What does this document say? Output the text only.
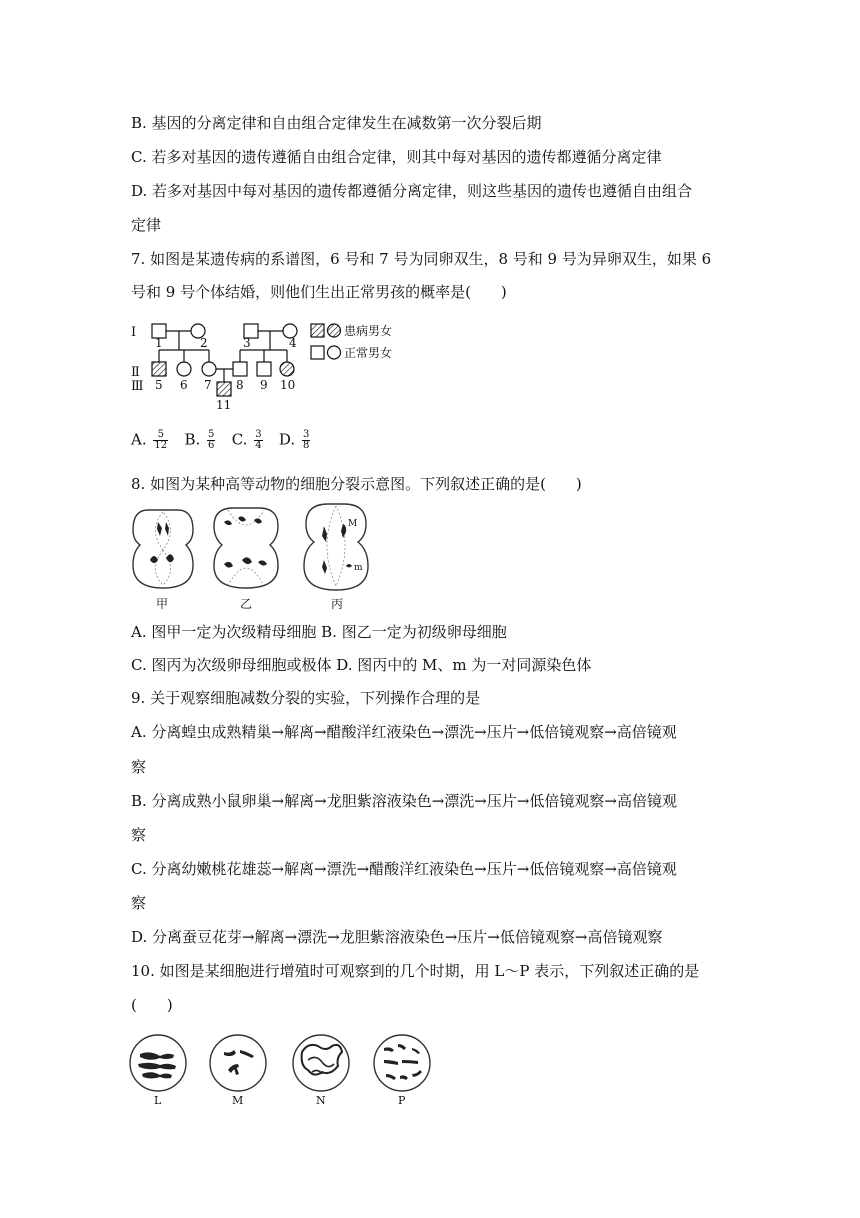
B. 基因的分离定律和自由组合定律发生在减数第一次分裂后期
C. 若多对基因的遗传遵循自由组合定律，则其中每对基因的遗传都遵循分离定律
D. 若多对基因中每对基因的遗传都遵循分离定律，则这些基因的遗传也遵循自由组合
定律
7. 如图是某遗传病的系谱图，6 号和 7 号为同卵双生，8 号和 9 号为异卵双生，如果 6
号和 9 号个体结婚，则他们生出正常男孩的概率是(　　)
Ⅰ
Ⅱ
Ⅲ
1	2	3	4
5 6 7 8 9 10
11
患病男女
正常男女
A. $\frac{5}{12} B$. $\frac{5}{6} C$. $\frac{3}{4} D$. $\frac{3}{8}$
8. 如图为某种高等动物的细胞分裂示意图。下列叙述正确的是(　　)
甲	乙
M
m
丙
A. 图甲一定为次级精母细胞 B. 图乙一定为初级卵母细胞
C. 图丙为次级卵母细胞或极体 D. 图丙中的 M、m 为一对同源染色体
9. 关于观察细胞减数分裂的实验，下列操作合理的是
A. 分离蝗虫成熟精巢→解离→醋酸洋红液染色→漂洗→压片→低倍镜观察→高倍镜观
察
B. 分离成熟小鼠卵巢→解离→龙胆紫溶液染色→漂洗→压片→低倍镜观察→高倍镜观
察
C. 分离幼嫩桃花雄蕊→解离→漂洗→醋酸洋红液染色→压片→低倍镜观察→高倍镜观
察
D. 分离蚕豆花芽→解离→漂洗→龙胆紫溶液染色→压片→低倍镜观察→高倍镜观察
10. 如图是某细胞进行增殖时可观察到的几个时期，用 L～P 表示，下列叙述正确的是
(　　)
L	M	N	P
